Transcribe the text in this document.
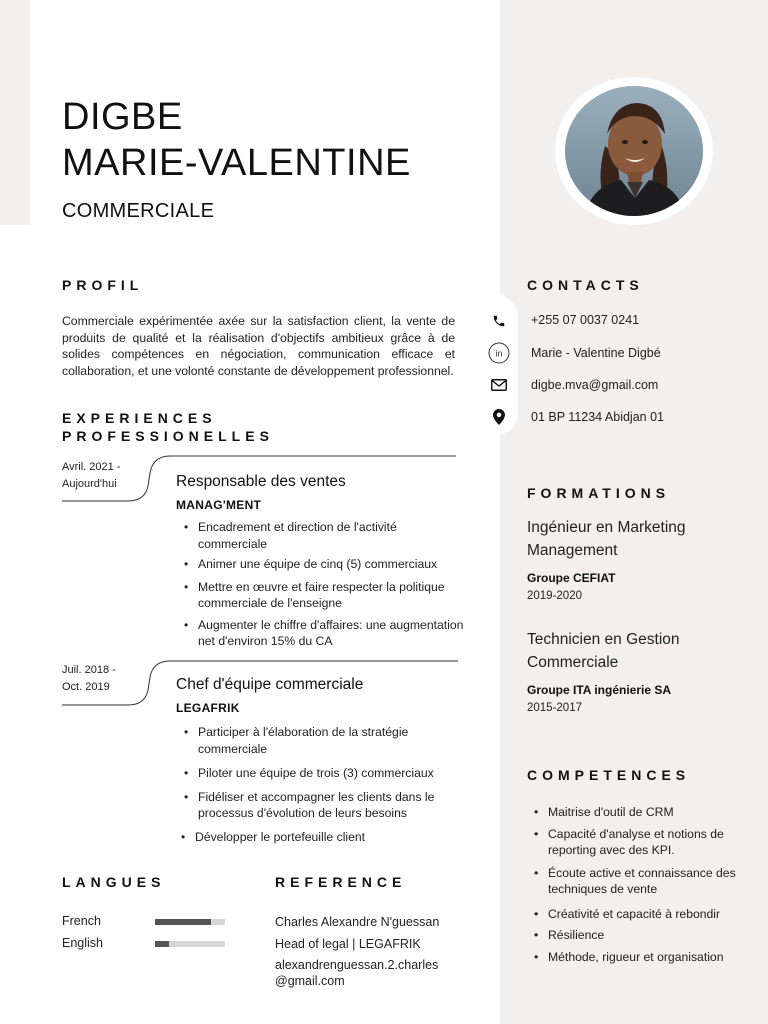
DIGBE
MARIE-VALENTINE
COMMERCIALE
PROFIL

Commerciale expérimentée axée sur la satisfaction client, la vente de produits de qualité et la réalisation d'objectifs ambitieux grâce à de solides compétences en négociation, communication efficace et collaboration, et une volonté constante de développement professionnel.

EXPERIENCES
PROFESSIONELLES
Avril. 2021 -
Aujourd'hui	Responsable des ventes
MANAG'MENT
• Encadrement et direction de l'activité commerciale
• Animer une équipe de cinq (5) commerciaux
• Mettre en œuvre et faire respecter la politique commerciale de l'enseigne
• Augmenter le chiffre d'affaires: une augmentation net d'environ 15% du CA
Juil. 2018 -
Oct. 2019	Chef d'équipe commerciale
LEGAFRIK
• Participer à l'élaboration de la stratégie commerciale
• Piloter une équipe de trois (3) commerciaux
• Fidéliser et accompagner les clients dans le processus d'évolution de leurs besoins
• Développer le portefeuille client
LANGUES
French
English
REFERENCE
Charles Alexandre N'guessan
Head of legal | LEGAFRIK
alexandrenguessan.2.charles
@gmail.com
CONTACTS
+255 07 0037 0241
in Marie - Valentine Digbé
digbe.mva@gmail.com
01 BP 11234 Abidjan 01
FORMATIONS
Ingénieur en Marketing Management
Groupe CEFIAT
2019-2020
Technicien en Gestion Commerciale
Groupe ITA ingénierie SA
2015-2017
COMPETENCES
• Maitrise d'outil de CRM
• Capacité d'analyse et notions de reporting avec des KPI.
• Écoute active et connaissance des techniques de vente
• Créativité et capacité à rebondir
• Résilience
• Méthode, rigueur et organisation
